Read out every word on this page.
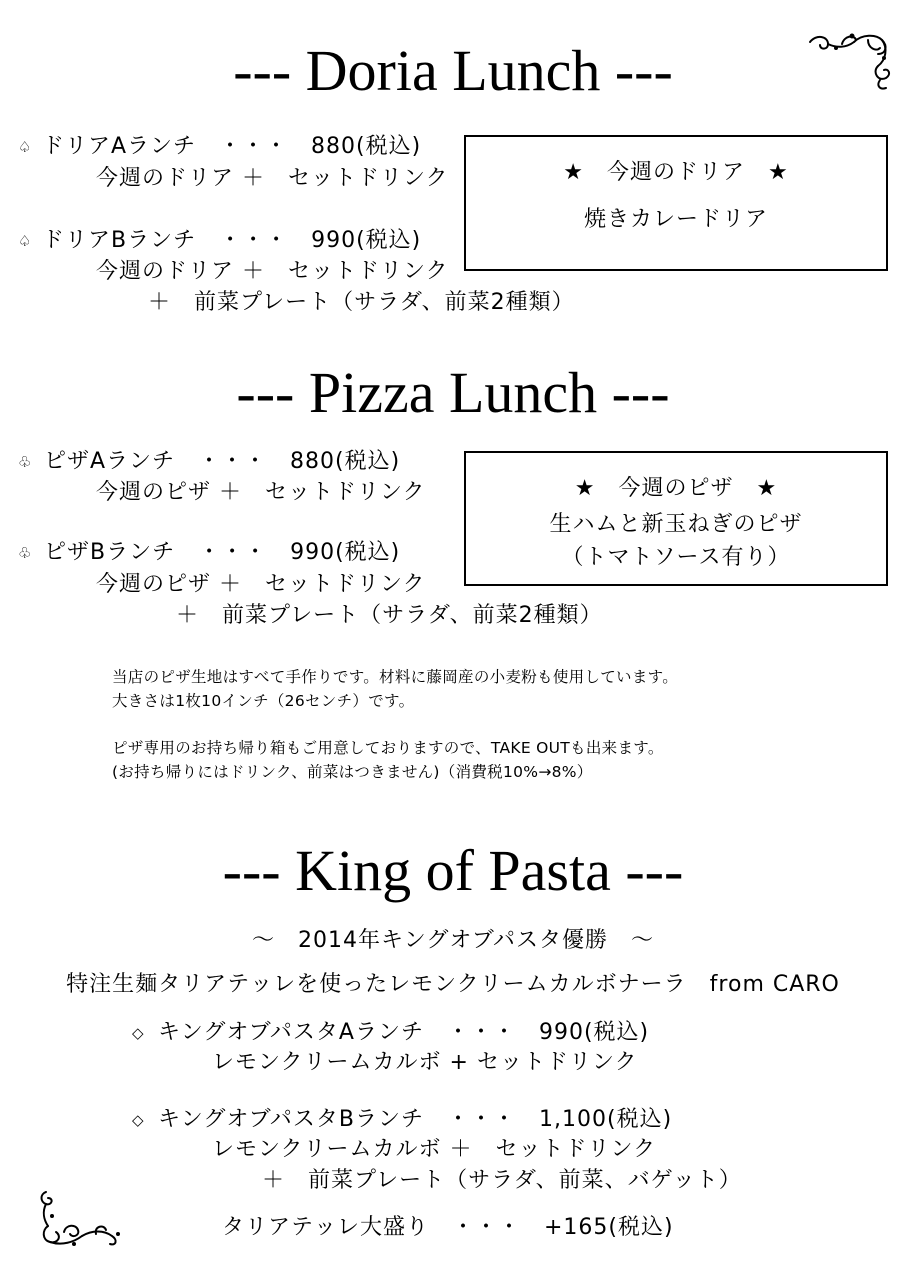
--- Doria Lunch ---
♤ ドリアAランチ　・・・　880(税込)
今週のドリア ＋　セットドリンク
♤ ドリアBランチ　・・・　990(税込)
今週のドリア ＋　セットドリンク
＋　前菜プレート（サラダ、前菜2種類）
★　今週のドリア　★
焼きカレードリア
--- Pizza Lunch ---
♧ ピザAランチ　・・・　880(税込)
今週のピザ ＋　セットドリンク
♧ ピザBランチ　・・・　990(税込)
今週のピザ ＋　セットドリンク
＋　前菜プレート（サラダ、前菜2種類）
★　今週のピザ　★
生ハムと新玉ねぎのピザ
（トマトソース有り）
当店のピザ生地はすべて手作りです。材料に藤岡産の小麦粉も使用しています。
大きさは1枚10インチ（26センチ）です。
ピザ専用のお持ち帰り箱もご用意しておりますので、TAKE OUTも出来ます。
(お持ち帰りにはドリンク、前菜はつきません)（消費税10%→8%）
--- King of Pasta ---
～　2014年キングオブパスタ優勝　～
特注生麺タリアテッレを使ったレモンクリームカルボナーラ　from CARO
◇ キングオブパスタAランチ　・・・　990(税込)
レモンクリームカルボ + セットドリンク
◇ キングオブパスタBランチ　・・・　1,100(税込)
レモンクリームカルボ ＋　セットドリンク
＋　前菜プレート（サラダ、前菜、バゲット）
タリアテッレ大盛り　・・・　+165(税込)
